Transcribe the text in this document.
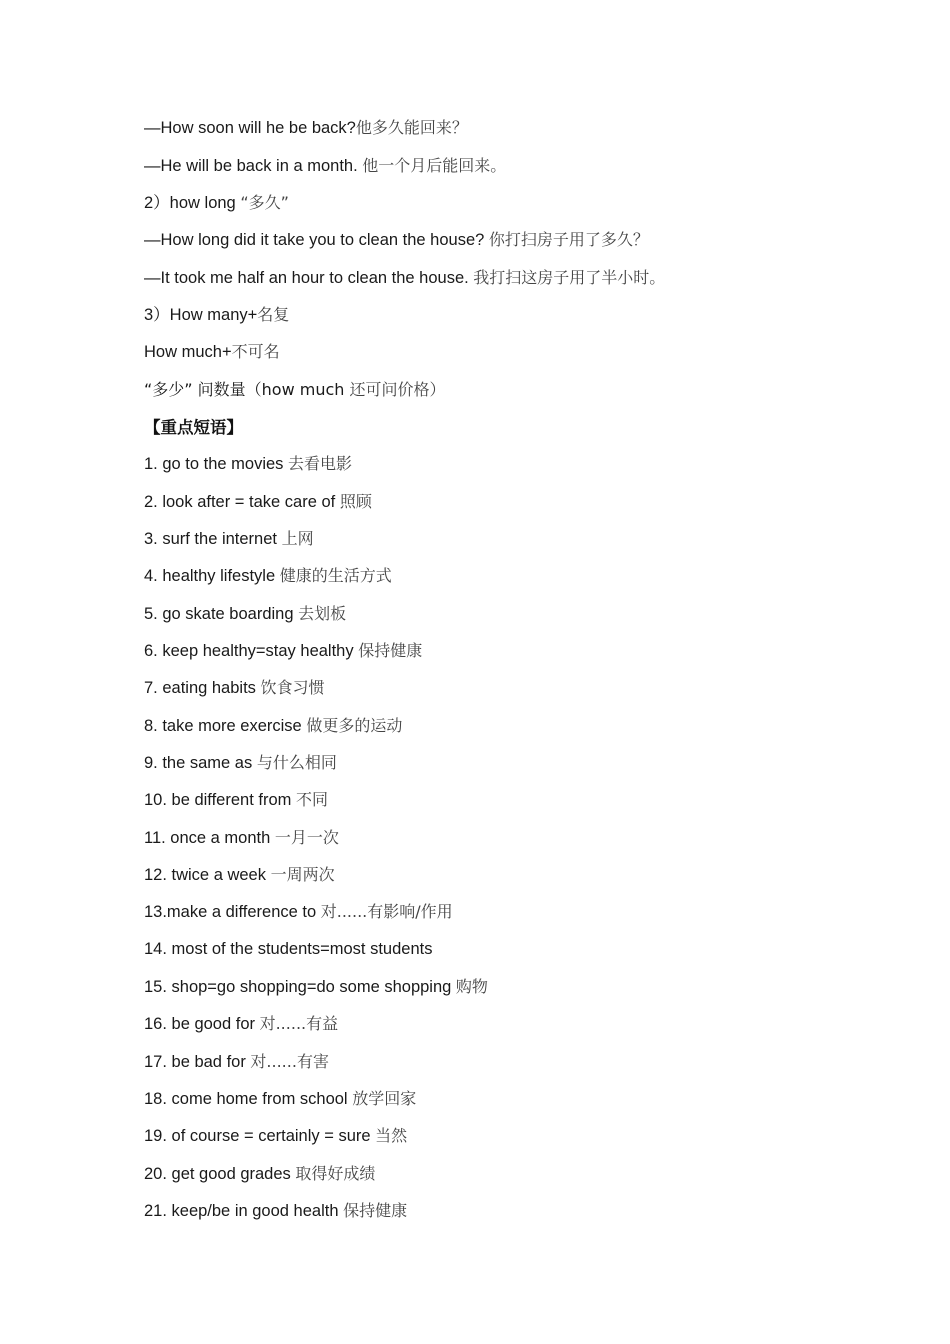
—How soon will he be back?他多久能回来？
—He will be back in a month. 他一个月后能回来。
2）how long “多久”
—How long did it take you to clean the house? 你打扫房子用了多久？
—It took me half an hour to clean the house. 我打扫这房子用了半小时。
3）How many+名复
How much+不可名
“多少” 问数量（how much 还可问价格）
【重点短语】
1. go to the movies 去看电影
2. look after = take care of 照顾
3. surf the internet 上网
4. healthy lifestyle 健康的生活方式
5. go skate boarding 去划板
6. keep healthy=stay healthy 保持健康
7. eating habits 饮食习惯
8. take more exercise 做更多的运动
9. the same as 与什么相同
10. be different from 不同
11. once a month 一月一次
12. twice a week 一周两次
13.make a difference to 对......有影响/作用
14. most of the students=most students
15. shop=go shopping=do some shopping 购物
16. be good for 对......有益
17. be bad for 对......有害
18. come home from school 放学回家
19. of course = certainly = sure 当然
20. get good grades 取得好成绩
21. keep/be in good health 保持健康
